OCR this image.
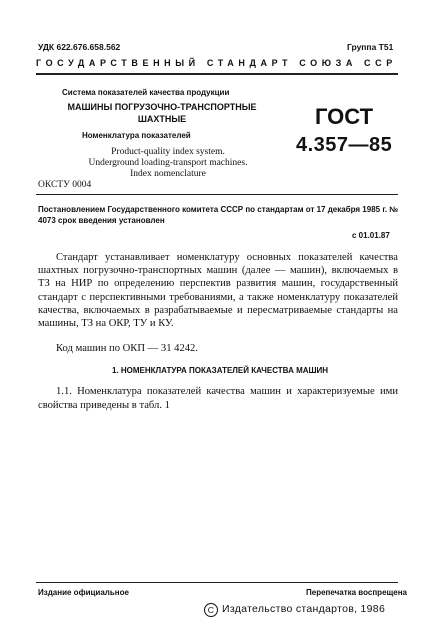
УДК 622.676.658.562	Группа Т51
ГОСУДАРСТВЕННЫЙ СТАНДАРТ СОЮЗА ССР
Система показателей качества продукции
МАШИНЫ ПОГРУЗОЧНО-ТРАНСПОРТНЫЕ
ШАХТНЫЕ
Номенклатура показателей
Product-quality index system.
Underground loading-transport machines.
Index nomenclature
ГОСТ
4.357—85
ОКСТУ 0004
Постановлением Государственного комитета СССР по стандартам от 17 декабря 1985 г. № 4073 срок введения установлен
с 01.01.87
Стандарт устанавливает номенклатуру основных показателей качества шахтных погрузочно-транспортных машин (далее — машин), включаемых в ТЗ на НИР по определению перспектив развития машин, государственный стандарт с перспективными требованиями, а также номенклатуру показателей качества, включаемых в разрабатываемые и пересматриваемые стандарты на машины, ТЗ на ОКР, ТУ и КУ.
Код машин по ОКП — 31 4242.
1. НОМЕНКЛАТУРА ПОКАЗАТЕЛЕЙ КАЧЕСТВА МАШИН
1.1. Номенклатура показателей качества машин и характеризуемые ими свойства приведены в табл. 1
Издание официальное	Перепечатка воспрещена
C Издательство стандартов, 1986
